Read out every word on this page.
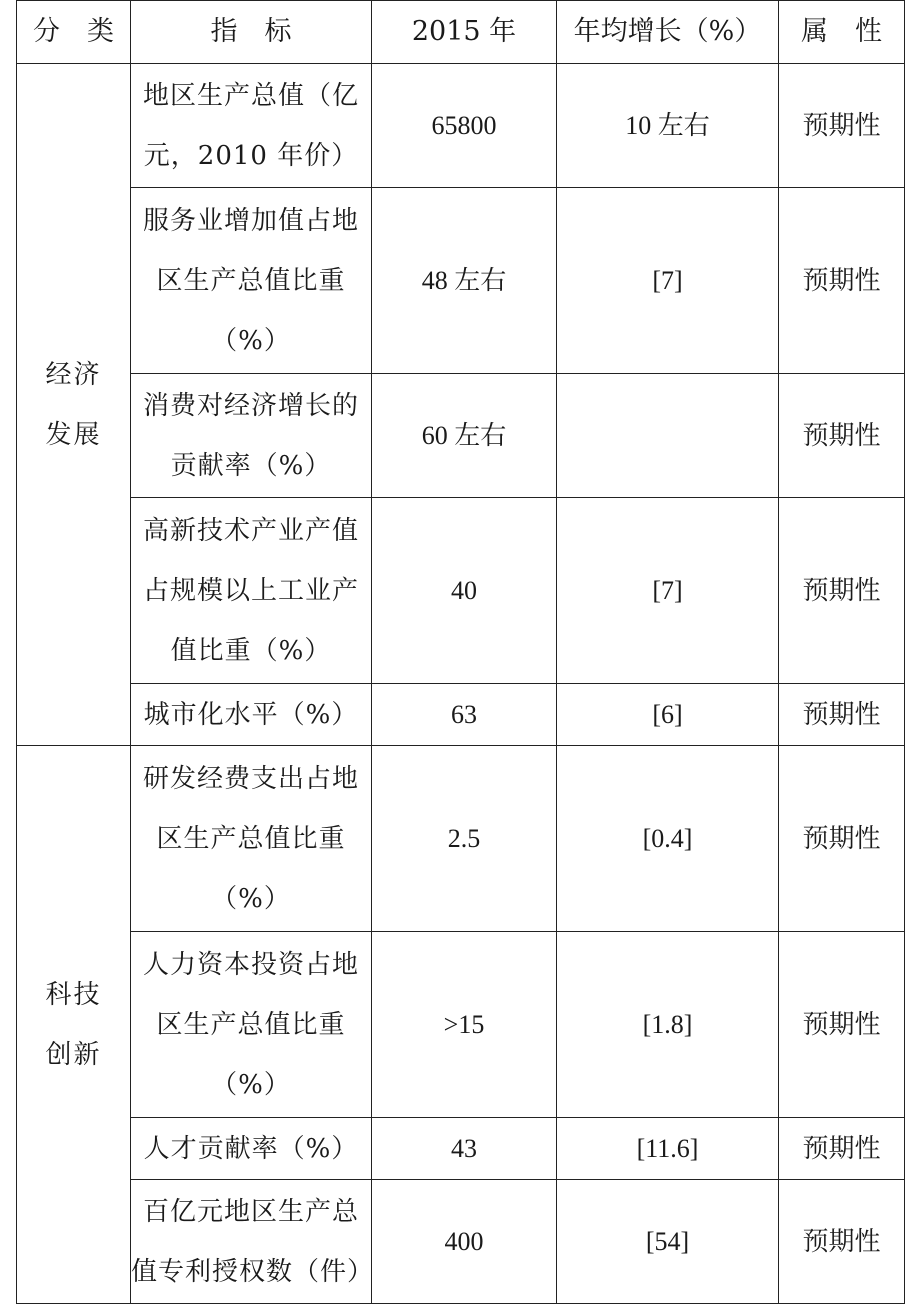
分　类	指　标	2015 年	年均增长（%）	属　性

经济发展	地区生产总值（亿元，2010 年价）	65800	10 左右	预期性
	服务业增加值占地区生产总值比重（%）	48 左右	[7]	预期性
	消费对经济增长的贡献率（%）	60 左右		预期性
	高新技术产业产值占规模以上工业产值比重（%）	40	[7]	预期性
	城市化水平（%）	63	[6]	预期性

科技创新	研发经费支出占地区生产总值比重（%）	2.5	[0.4]	预期性
	人力资本投资占地区生产总值比重（%）	>15	[1.8]	预期性
	人才贡献率（%）	43	[11.6]	预期性
	百亿元地区生产总值专利授权数（件）	400	[54]	预期性
